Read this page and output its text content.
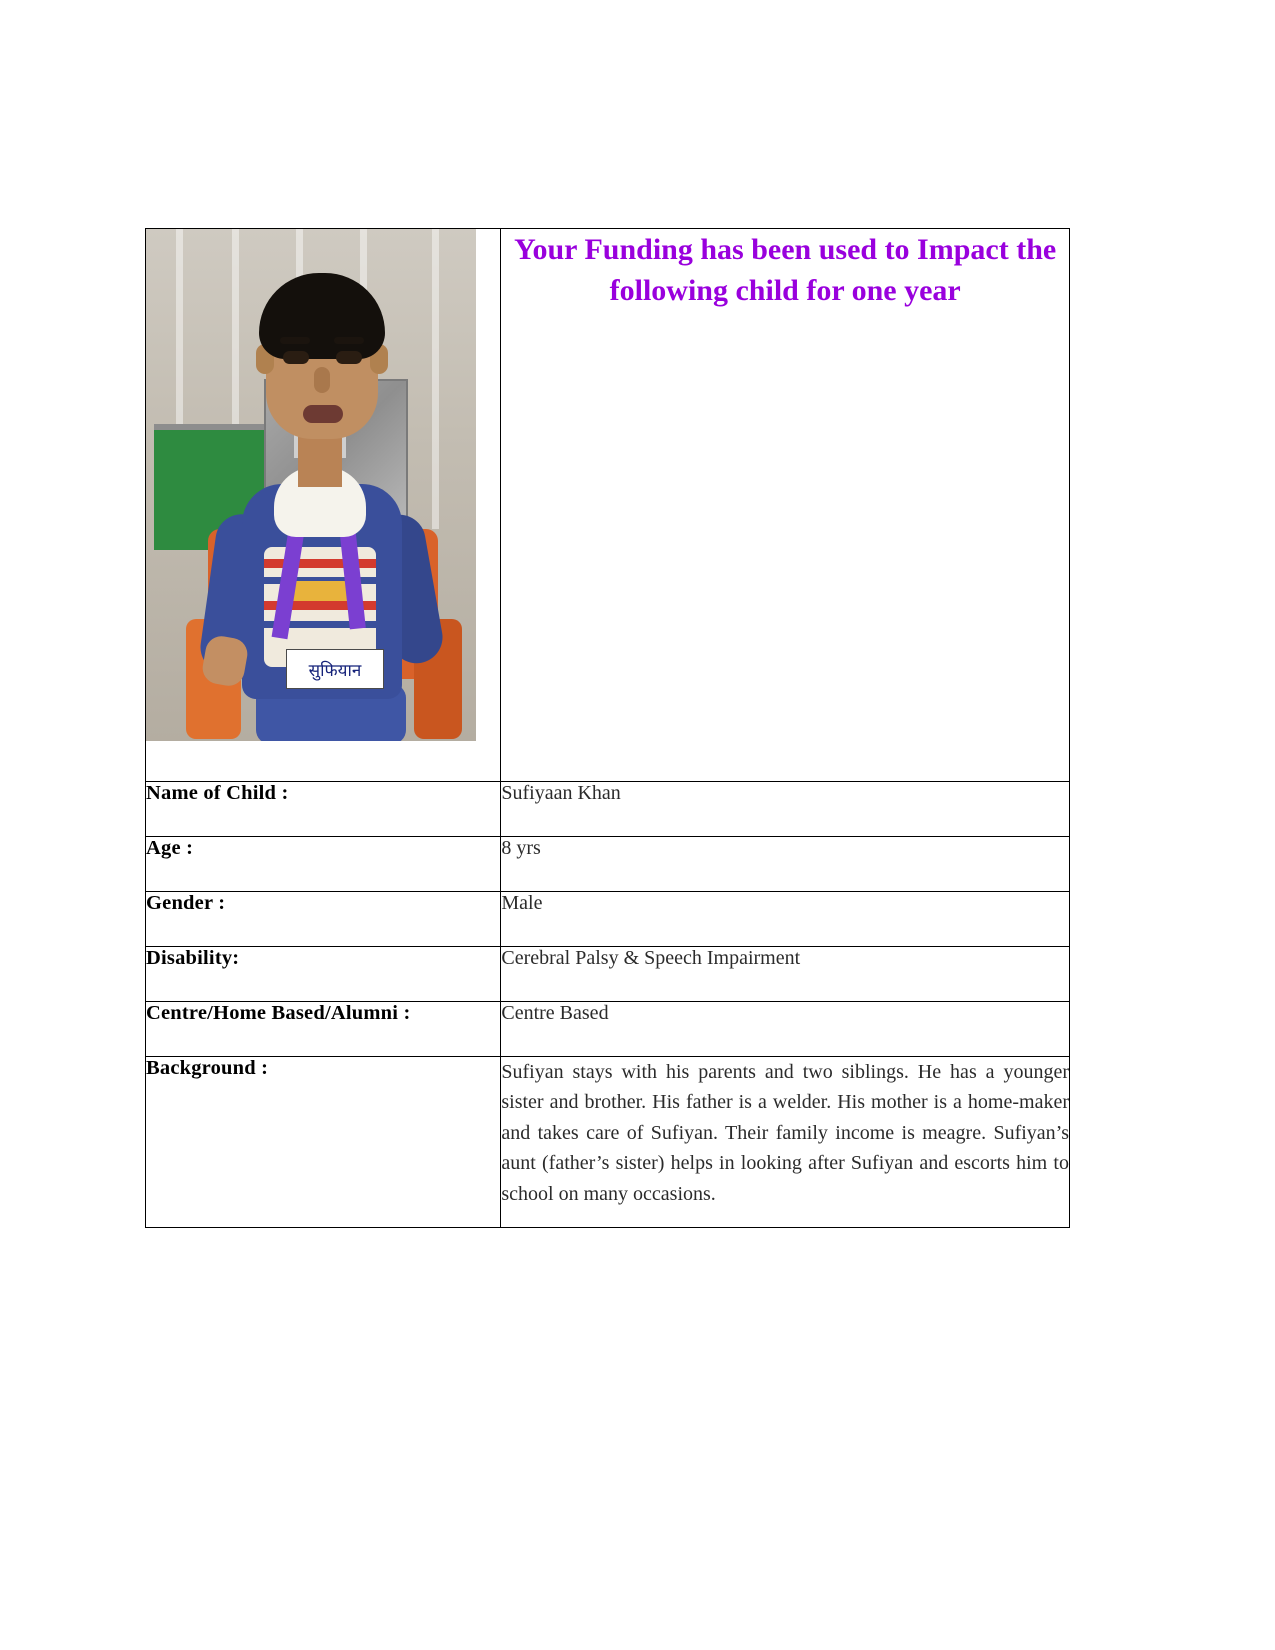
सुफियान	Your Funding has been used to Impact the following child for one year

Name of Child :	Sufiyaan Khan
Age :	8 yrs
Gender :	Male
Disability:	Cerebral Palsy & Speech Impairment
Centre/Home Based/Alumni :	Centre Based
Background :	Sufiyan stays with his parents and two siblings. He has a younger sister and brother. His father is a welder. His mother is a home-maker and takes care of Sufiyan. Their family income is meagre. Sufiyan’s aunt (father’s sister) helps in looking after Sufiyan and escorts him to school on many occasions.
